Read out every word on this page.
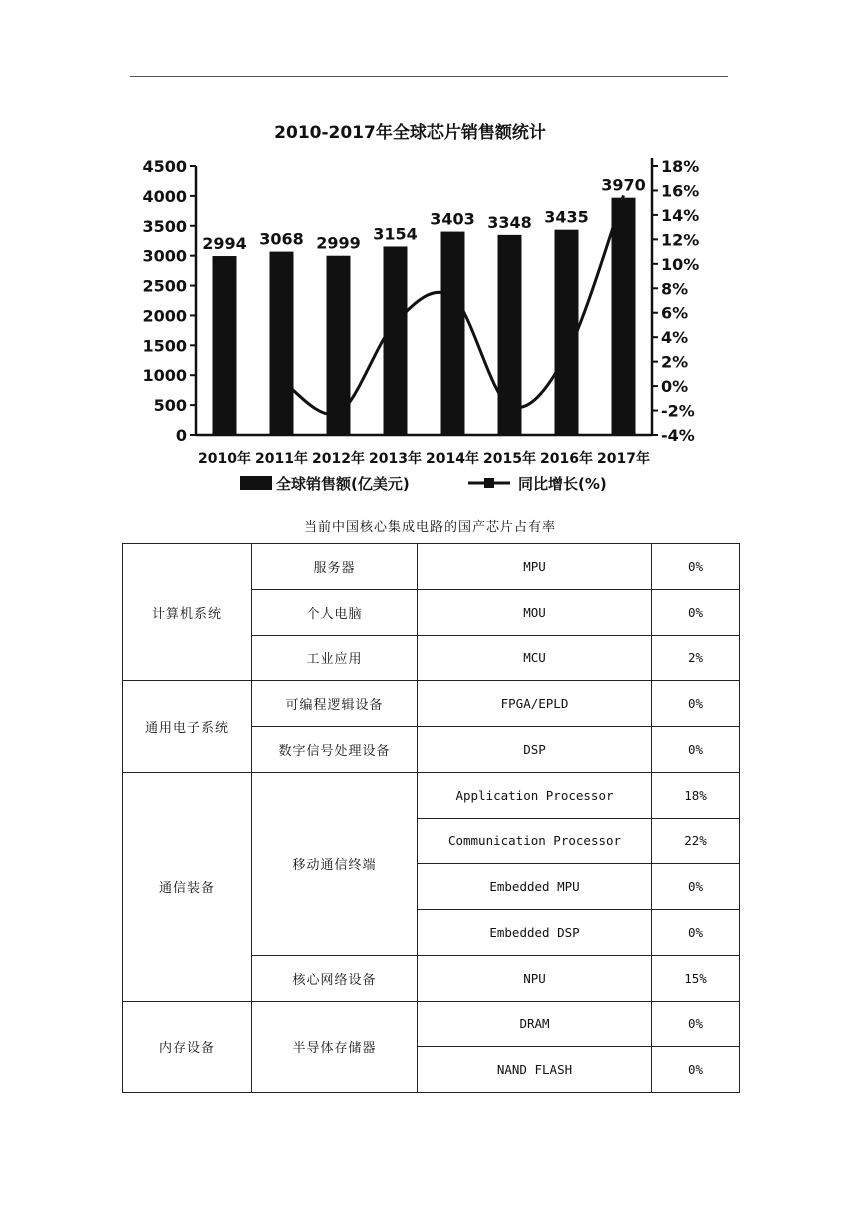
2010-2017年全球芯片销售额统计
0
500
1000
1500
2000
2500
3000
3500
4000
4500
-4%
-2%
0%
2%
4%
6%
8%
10%
12%
14%
16%
18%
2994 3068 2999 3154
3403 3348 3435
3970
2010年 2011年 2012年 2013年 2014年 2015年 2016年 2017年
全球销售额(亿美元)	同比增长(%)
当前中国核心集成电路的国产芯片占有率
计算机系统	服务器	MPU	0%
	个人电脑	MOU	0%
	工业应用	MCU	2%
通用电子系统	可编程逻辑设备	FPGA/EPLD	0%
	数字信号处理设备	DSP	0%
通信装备	移动通信终端	Application Processor	18%
		Communication Processor	22%
		Embedded MPU	0%
		Embedded DSP	0%
	核心网络设备	NPU	15%
内存设备	半导体存储器	DRAM	0%
		NAND FLASH	0%
